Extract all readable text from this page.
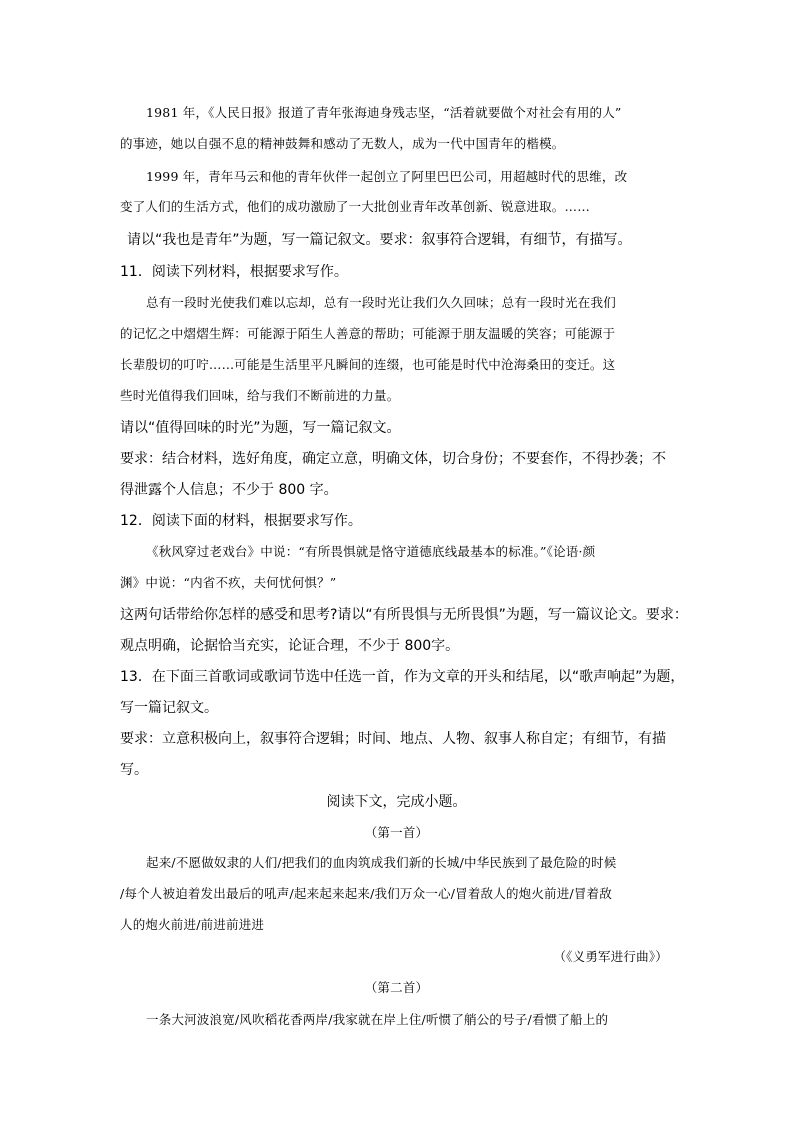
1981 年，《人民日报》报道了青年张海迪身残志坚，“活着就要做个对社会有用的人”
的事迹，她以自强不息的精神鼓舞和感动了无数人，成为一代中国青年的楷模。
1999 年，青年马云和他的青年伙伴一起创立了阿里巴巴公司，用超越时代的思维，改
变了人们的生活方式，他们的成功激励了一大批创业青年改革创新、锐意进取。……
请以“我也是青年”为题，写一篇记叙文。要求：叙事符合逻辑，有细节，有描写。
11．阅读下列材料，根据要求写作。
总有一段时光使我们难以忘却，总有一段时光让我们久久回味；总有一段时光在我们
的记忆之中熠熠生辉：可能源于陌生人善意的帮助；可能源于朋友温暖的笑容；可能源于
长辈殷切的叮咛……可能是生活里平凡瞬间的连缀，也可能是时代中沧海桑田的变迁。这
些时光值得我们回味，给与我们不断前进的力量。
请以“值得回味的时光”为题，写一篇记叙文。
要求：结合材料，选好角度，确定立意，明确文体，切合身份；不要套作，不得抄袭；不
得泄露个人信息；不少于 800 字。
12．阅读下面的材料，根据要求写作。
《秋风穿过老戏台》中说：“有所畏惧就是恪守道德底线最基本的标准。”《论语·颜
渊》中说：“内省不疚，夫何忧何惧？”
这两句话带给你怎样的感受和思考?请以“有所畏惧与无所畏惧”为题，写一篇议论文。要求：
观点明确，论据恰当充实，论证合理，不少于 800字。
13．在下面三首歌词或歌词节选中任选一首，作为文章的开头和结尾，以“歌声响起”为题，
写一篇记叙文。
要求：立意积极向上，叙事符合逻辑；时间、地点、人物、叙事人称自定；有细节，有描
写。
阅读下文，完成小题。
（第一首）
起来/不愿做奴隶的人们/把我们的血肉筑成我们新的长城/中华民族到了最危险的时候
/每个人被迫着发出最后的吼声/起来起来起来/我们万众一心/冒着敌人的炮火前进/冒着敌
人的炮火前进/前进前进进
（《义勇军进行曲》）
（第二首）
一条大河波浪宽/风吹稻花香两岸/我家就在岸上住/听惯了艄公的号子/看惯了船上的
